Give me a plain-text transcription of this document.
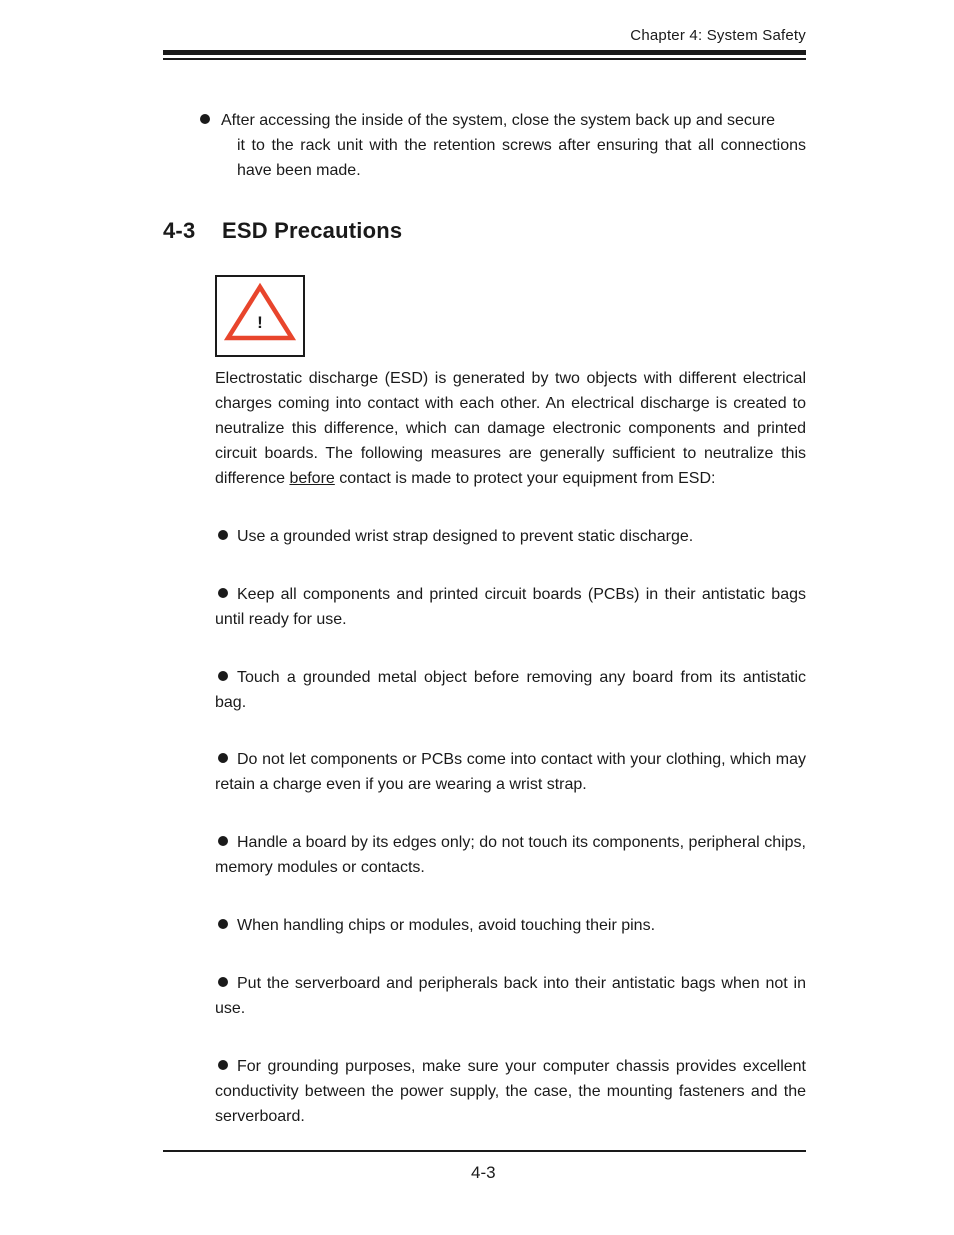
Chapter 4: System Safety

After accessing the inside of the system, close the system back up and secure

it to the rack unit with the retention screws after ensuring that all connections have been made.

4-3 ESD Precautions
!

Electrostatic discharge (ESD) is generated by two objects with different electrical charges coming into contact with each other. An electrical discharge is created to neutralize this difference, which can damage electronic components and printed circuit boards. The following measures are generally sufficient to neutralize this difference before contact is made to protect your equipment from ESD:

Use a grounded wrist strap designed to prevent static discharge.

Keep all components and printed circuit boards (PCBs) in their antistatic bags until ready for use.

Touch a grounded metal object before removing any board from its antistatic bag.

Do not let components or PCBs come into contact with your clothing, which may retain a charge even if you are wearing a wrist strap.

Handle a board by its edges only; do not touch its components, peripheral chips, memory modules or contacts.

When handling chips or modules, avoid touching their pins.

Put the serverboard and peripherals back into their antistatic bags when not in use.

For grounding purposes, make sure your computer chassis provides excellent conductivity between the power supply, the case, the mounting fasteners and the serverboard.

4-3
